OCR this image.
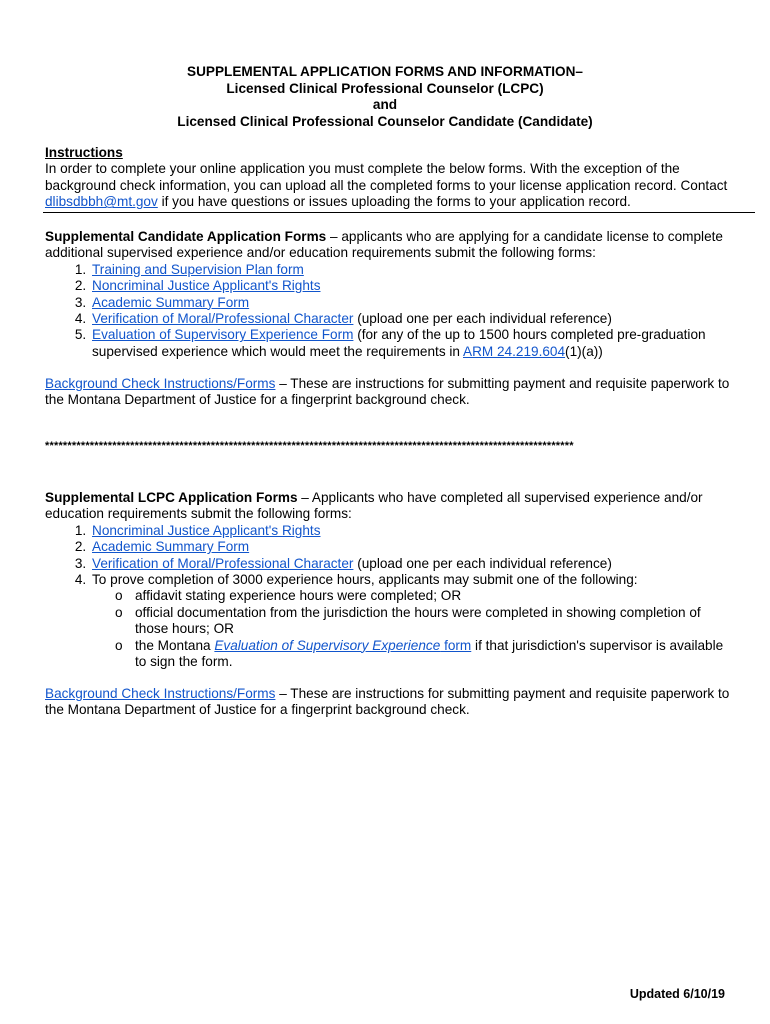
SUPPLEMENTAL APPLICATION FORMS AND INFORMATION–
Licensed Clinical Professional Counselor (LCPC)
and
Licensed Clinical Professional Counselor Candidate (Candidate)
Instructions
In order to complete your online application you must complete the below forms. With the exception of the background check information, you can upload all the completed forms to your license application record. Contact dlibsdbbh@mt.gov if you have questions or issues uploading the forms to your application record.
Supplemental Candidate Application Forms – applicants who are applying for a candidate license to complete additional supervised experience and/or education requirements submit the following forms:
1. Training and Supervision Plan form
2. Noncriminal Justice Applicant's Rights
3. Academic Summary Form
4. Verification of Moral/Professional Character (upload one per each individual reference)
5. Evaluation of Supervisory Experience Form (for any of the up to 1500 hours completed pre-graduation supervised experience which would meet the requirements in ARM 24.219.604(1)(a))
Background Check Instructions/Forms – These are instructions for submitting payment and requisite paperwork to the Montana Department of Justice for a fingerprint background check.
**********************************************************************************************************************
Supplemental LCPC Application Forms – Applicants who have completed all supervised experience and/or education requirements submit the following forms:
1. Noncriminal Justice Applicant's Rights
2. Academic Summary Form
3. Verification of Moral/Professional Character (upload one per each individual reference)
4. To prove completion of 3000 experience hours, applicants may submit one of the following:
o affidavit stating experience hours were completed; OR
o official documentation from the jurisdiction the hours were completed in showing completion of those hours; OR
o the Montana Evaluation of Supervisory Experience form if that jurisdiction's supervisor is available to sign the form.
Background Check Instructions/Forms – These are instructions for submitting payment and requisite paperwork to the Montana Department of Justice for a fingerprint background check.
Updated 6/10/19
